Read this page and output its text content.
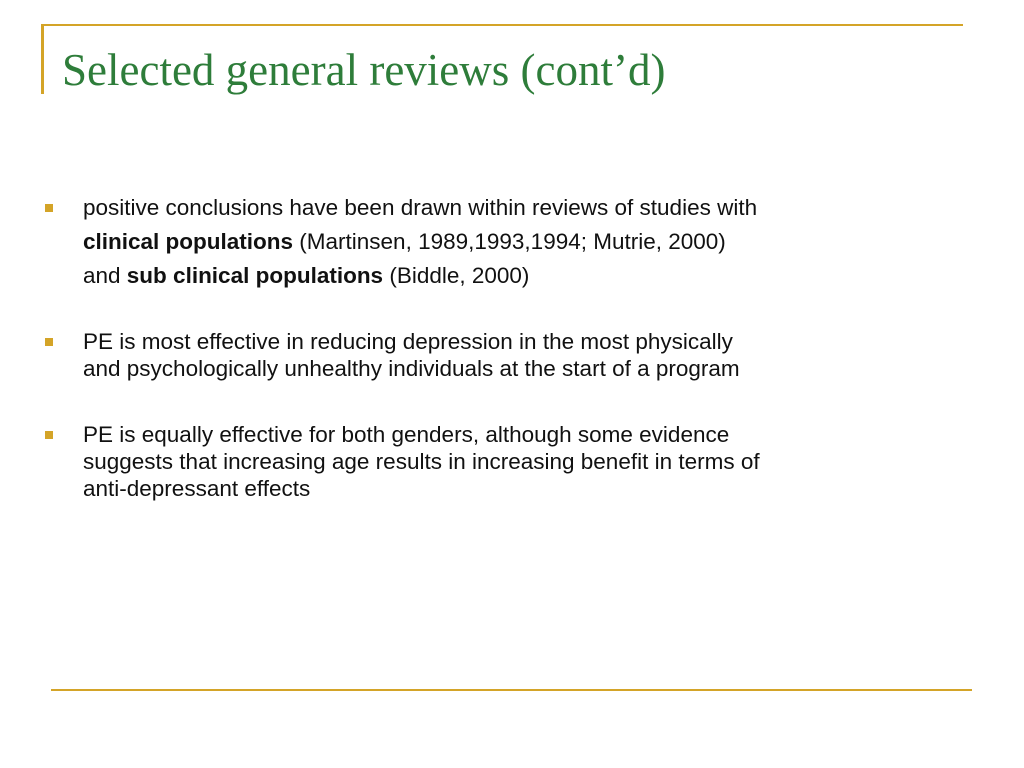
Selected general reviews (cont’d)
positive conclusions have been drawn within reviews of studies with
clinical populations (Martinsen, 1989,1993,1994; Mutrie, 2000)
and sub clinical populations (Biddle, 2000)
PE is most effective in reducing depression in the most physically
and psychologically unhealthy individuals at the start of a program
PE is equally effective for both genders, although some evidence
suggests that increasing age results in increasing benefit in terms of
anti-depressant effects
